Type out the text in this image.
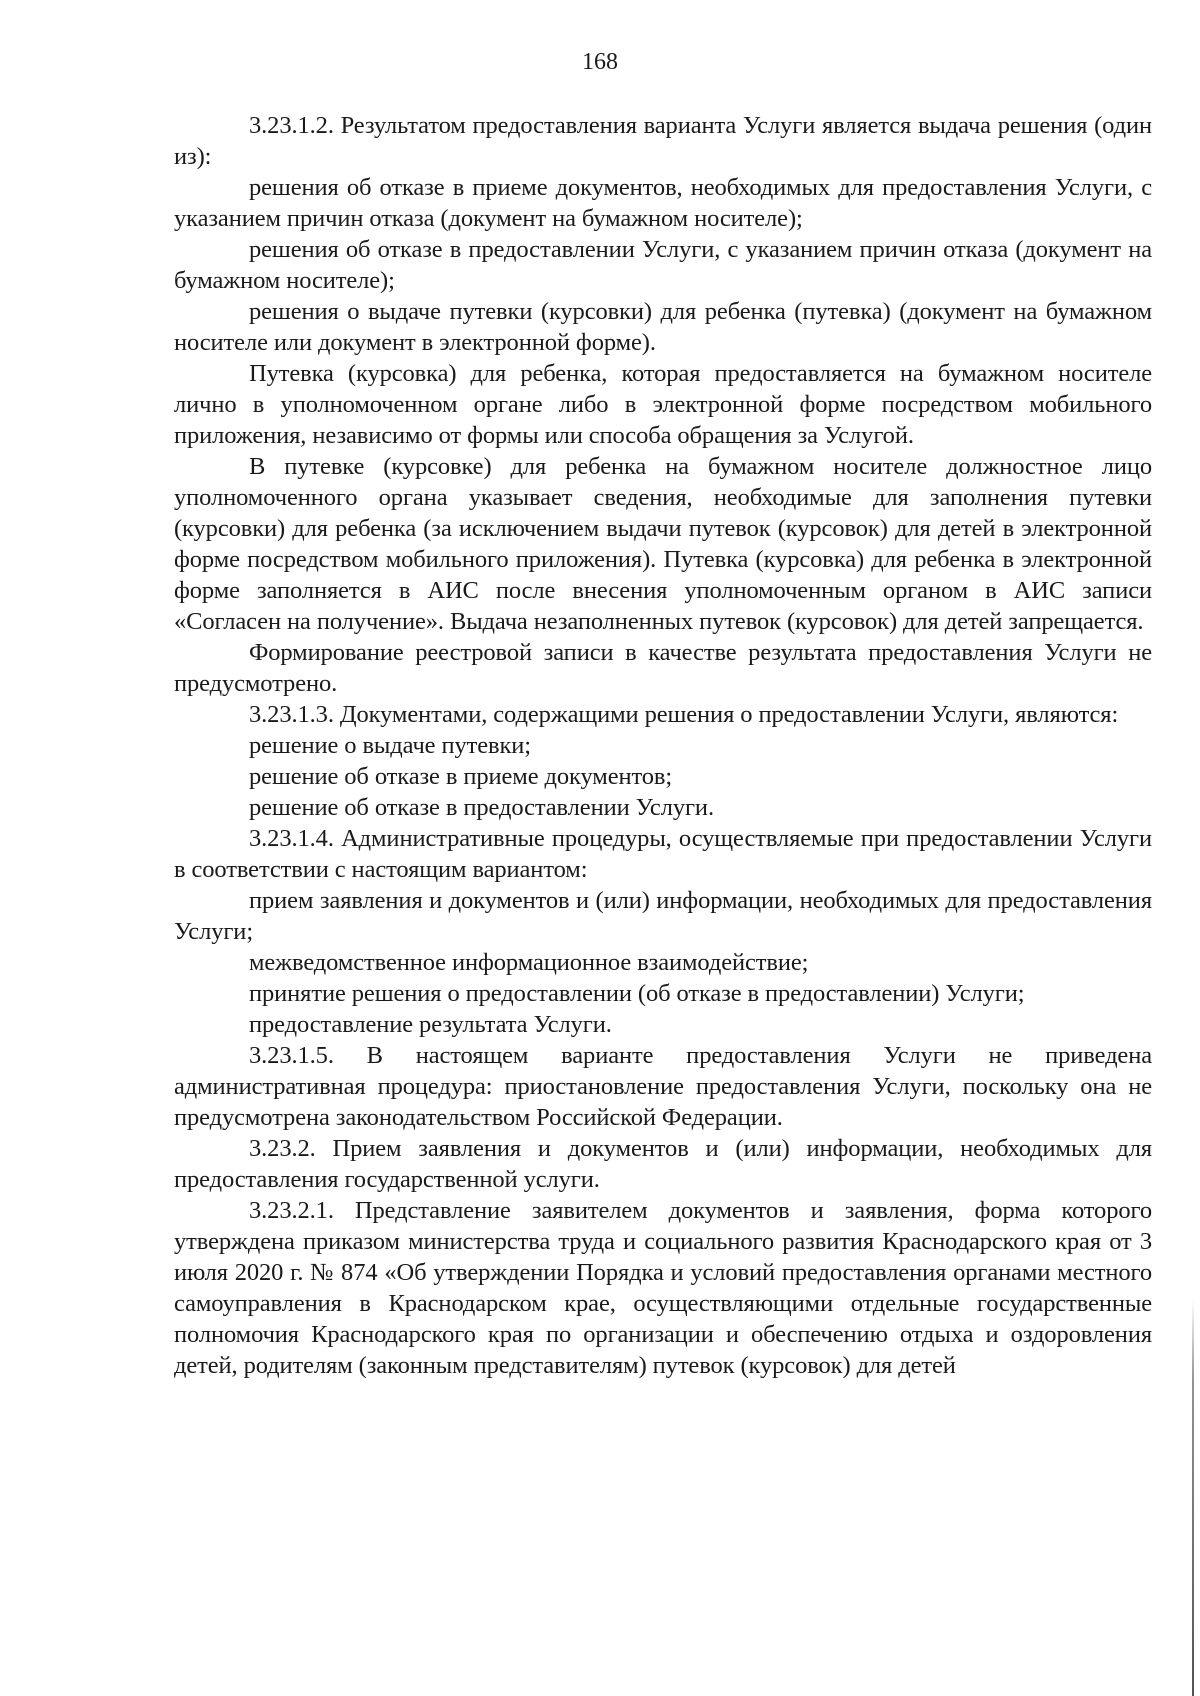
168

3.23.1.2. Результатом предоставления варианта Услуги является выдача решения (один из):

решения об отказе в приеме документов, необходимых для предоставления Услуги, с указанием причин отказа (документ на бумажном носителе);

решения об отказе в предоставлении Услуги, с указанием причин отказа (документ на бумажном носителе);

решения о выдаче путевки (курсовки) для ребенка (путевка) (документ на бумажном носителе или документ в электронной форме).

Путевка (курсовка) для ребенка, которая предоставляется на бумажном носителе лично в уполномоченном органе либо в электронной форме посредством мобильного приложения, независимо от формы или способа обращения за Услугой.

В путевке (курсовке) для ребенка на бумажном носителе должностное лицо уполномоченного органа указывает сведения, необходимые для заполнения путевки (курсовки) для ребенка (за исключением выдачи путевок (курсовок) для детей в электронной форме посредством мобильного приложения). Путевка (курсовка) для ребенка в электронной форме заполняется в АИС после внесения уполномоченным органом в АИС записи «Согласен на получение». Выдача незаполненных путевок (курсовок) для детей запрещается.

Формирование реестровой записи в качестве результата предоставления Услуги не предусмотрено.

3.23.1.3. Документами, содержащими решения о предоставлении Услуги, являются:

решение о выдаче путевки;

решение об отказе в приеме документов;

решение об отказе в предоставлении Услуги.

3.23.1.4. Административные процедуры, осуществляемые при предоставлении Услуги в соответствии с настоящим вариантом:

прием заявления и документов и (или) информации, необходимых для предоставления Услуги;

межведомственное информационное взаимодействие;

принятие решения о предоставлении (об отказе в предоставлении) Услуги;

предоставление результата Услуги.

3.23.1.5. В настоящем варианте предоставления Услуги не приведена административная процедура: приостановление предоставления Услуги, поскольку она не предусмотрена законодательством Российской Федерации.

3.23.2. Прием заявления и документов и (или) информации, необходимых для предоставления государственной услуги.

3.23.2.1. Представление заявителем документов и заявления, форма которого утверждена приказом министерства труда и социального развития Краснодарского края от 3 июля 2020 г. № 874 «Об утверждении Порядка и условий предоставления органами местного самоуправления в Краснодарском крае, осуществляющими отдельные государственные полномочия Краснодарского края по организации и обеспечению отдыха и оздоровления детей, родителям (законным представителям) путевок (курсовок) для детей
